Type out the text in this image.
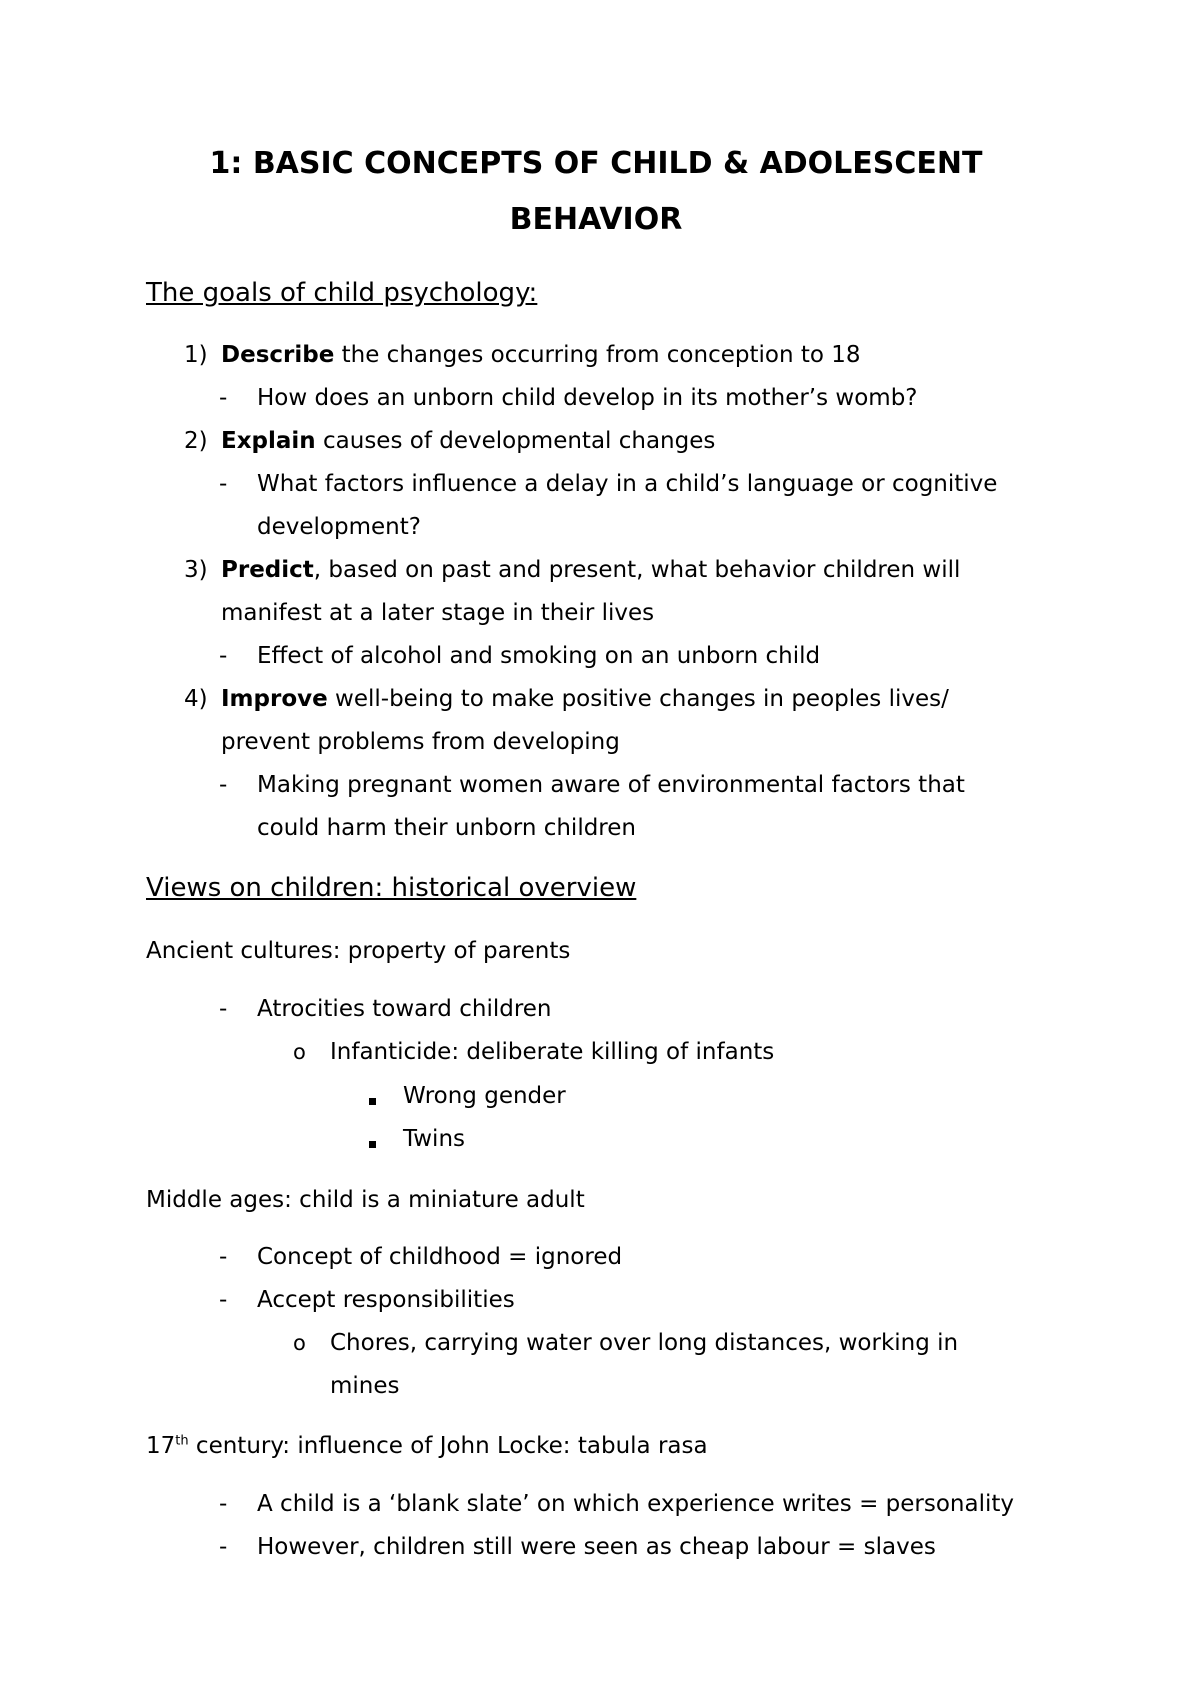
1: BASIC CONCEPTS OF CHILD & ADOLESCENT
BEHAVIOR
The goals of child psychology:
1) Describe the changes occurring from conception to 18
- How does an unborn child develop in its mother’s womb?
2) Explain causes of developmental changes
- What factors influence a delay in a child’s language or cognitive
development?
3) Predict, based on past and present, what behavior children will
manifest at a later stage in their lives
- Effect of alcohol and smoking on an unborn child
4) Improve well-being to make positive changes in peoples lives/
prevent problems from developing
- Making pregnant women aware of environmental factors that
could harm their unborn children
Views on children: historical overview
Ancient cultures: property of parents
- Atrocities toward children
o Infanticide: deliberate killing of infants
Wrong gender
Twins
Middle ages: child is a miniature adult
- Concept of childhood = ignored
- Accept responsibilities
o Chores, carrying water over long distances, working in
mines
17th century: influence of John Locke: tabula rasa
- A child is a ‘blank slate’ on which experience writes = personality
- However, children still were seen as cheap labour = slaves
